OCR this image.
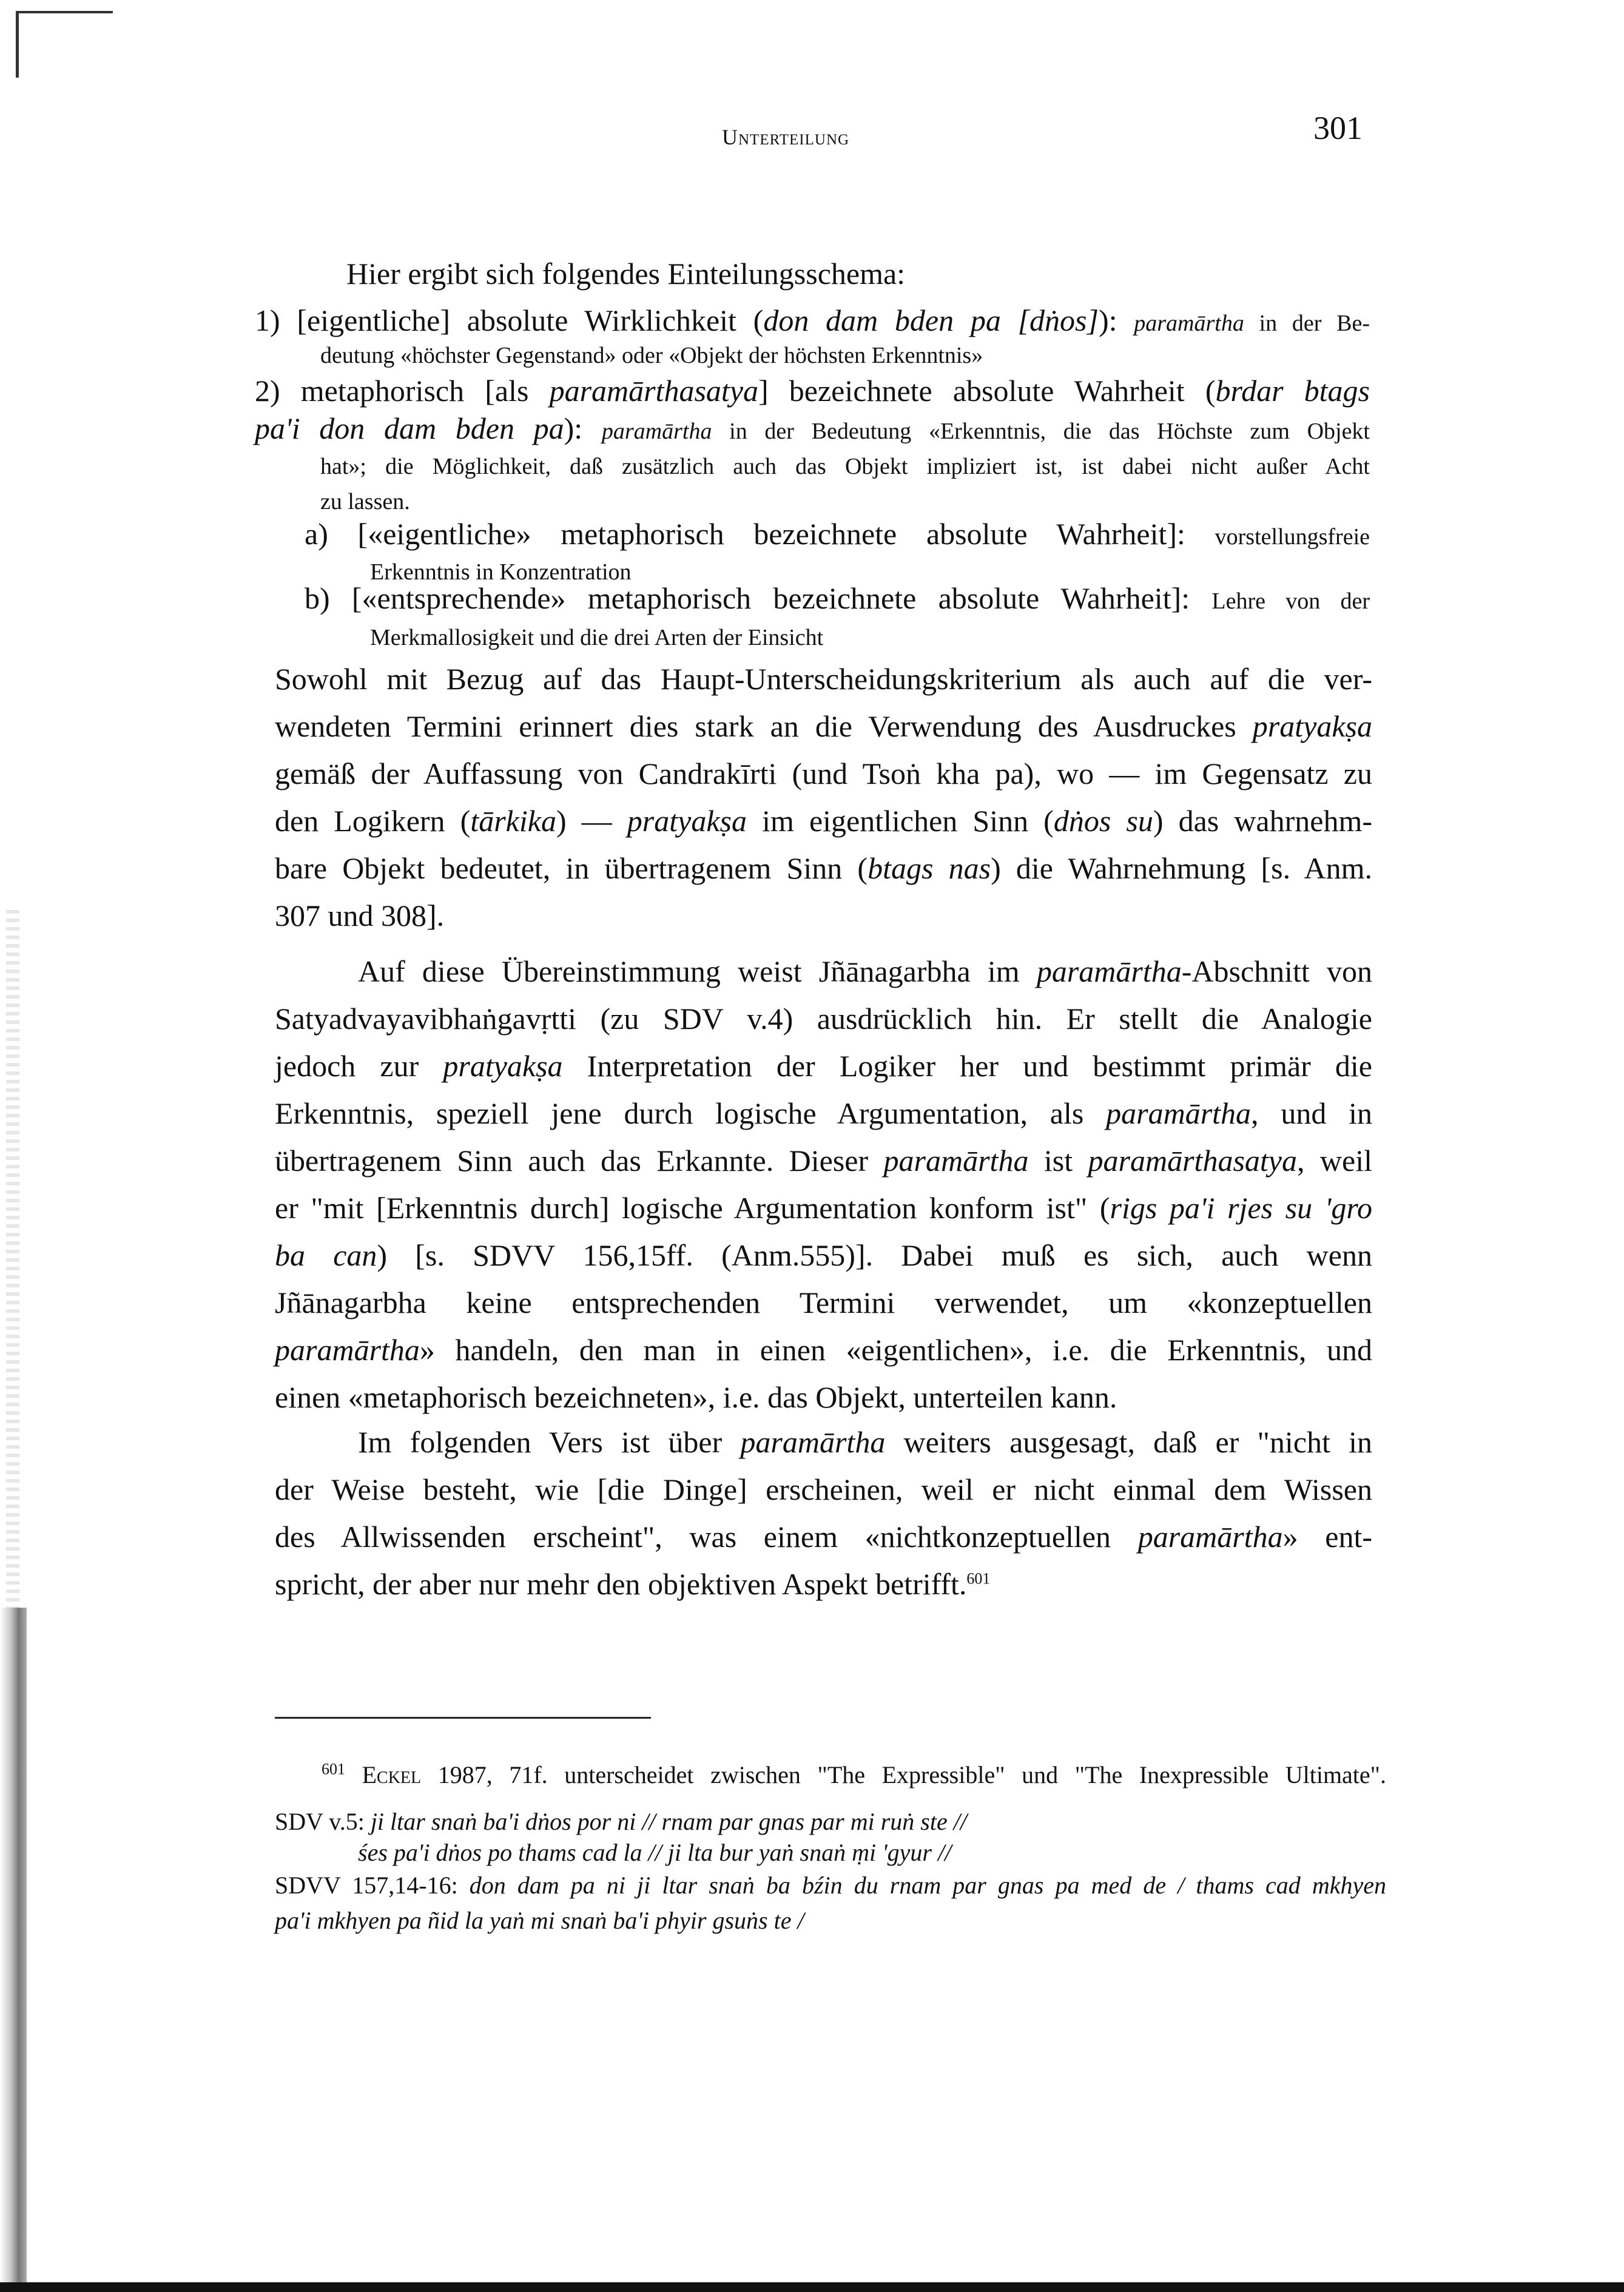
Unterteilung	301
Hier ergibt sich folgendes Einteilungsschema:
1) [eigentliche] absolute Wirklichkeit (don dam bden pa [dṅos]): paramārtha in der Be-
deutung «höchster Gegenstand» oder «Objekt der höchsten Erkenntnis»
2) metaphorisch [als paramārthasatya] bezeichnete absolute Wahrheit (brdar btags
pa'i don dam bden pa): paramārtha in der Bedeutung «Erkenntnis, die das Höchste zum Objekt
hat»; die Möglichkeit, daß zusätzlich auch das Objekt impliziert ist, ist dabei nicht außer Acht
zu lassen.
a) [«eigentliche» metaphorisch bezeichnete absolute Wahrheit]: vorstellungsfreie
Erkenntnis in Konzentration
b) [«entsprechende» metaphorisch bezeichnete absolute Wahrheit]: Lehre von der
Merkmallosigkeit und die drei Arten der Einsicht
Sowohl mit Bezug auf das Haupt-Unterscheidungskriterium als auch auf die ver-
wendeten Termini erinnert dies stark an die Verwendung des Ausdruckes pratyakṣa
gemäß der Auffassung von Candrakīrti (und Tsoṅ kha pa), wo — im Gegensatz zu
den Logikern (tārkika) — pratyakṣa im eigentlichen Sinn (dṅos su) das wahrnehm-
bare Objekt bedeutet, in übertragenem Sinn (btags nas) die Wahrnehmung [s. Anm.
307 und 308].
Auf diese Übereinstimmung weist Jñānagarbha im paramārtha-Abschnitt von
Satyadvayavibhaṅgavṛtti (zu SDV v.4) ausdrücklich hin. Er stellt die Analogie
jedoch zur pratyakṣa Interpretation der Logiker her und bestimmt primär die
Erkenntnis, speziell jene durch logische Argumentation, als paramārtha, und in
übertragenem Sinn auch das Erkannte. Dieser paramārtha ist paramārthasatya, weil
er "mit [Erkenntnis durch] logische Argumentation konform ist" (rigs pa'i rjes su 'gro
ba can) [s. SDVV 156,15ff. (Anm.555)]. Dabei muß es sich, auch wenn
Jñānagarbha keine entsprechenden Termini verwendet, um «konzeptuellen
paramārtha» handeln, den man in einen «eigentlichen», i.e. die Erkenntnis, und
einen «metaphorisch bezeichneten», i.e. das Objekt, unterteilen kann.
Im folgenden Vers ist über paramārtha weiters ausgesagt, daß er "nicht in
der Weise besteht, wie [die Dinge] erscheinen, weil er nicht einmal dem Wissen
des Allwissenden erscheint", was einem «nichtkonzeptuellen paramārtha» ent-
spricht, der aber nur mehr den objektiven Aspekt betrifft.$^{601}$
$^{601}$ Eckel 1987, 71f. unterscheidet zwischen "The Expressible" und "The Inexpressible Ultimate".
SDV v.5: ji ltar snaṅ ba'i dṅos por ni // rnam par gnas par mi ruṅ ste //
śes pa'i dṅos po thams cad la // ji lta bur yaṅ snaṅ ṃi 'gyur //
SDVV 157,14-16: don dam pa ni ji ltar snaṅ ba bźin du rnam par gnas pa med de / thams cad mkhyen
pa'i mkhyen pa ñid la yaṅ mi snaṅ ba'i phyir gsuṅs te /
